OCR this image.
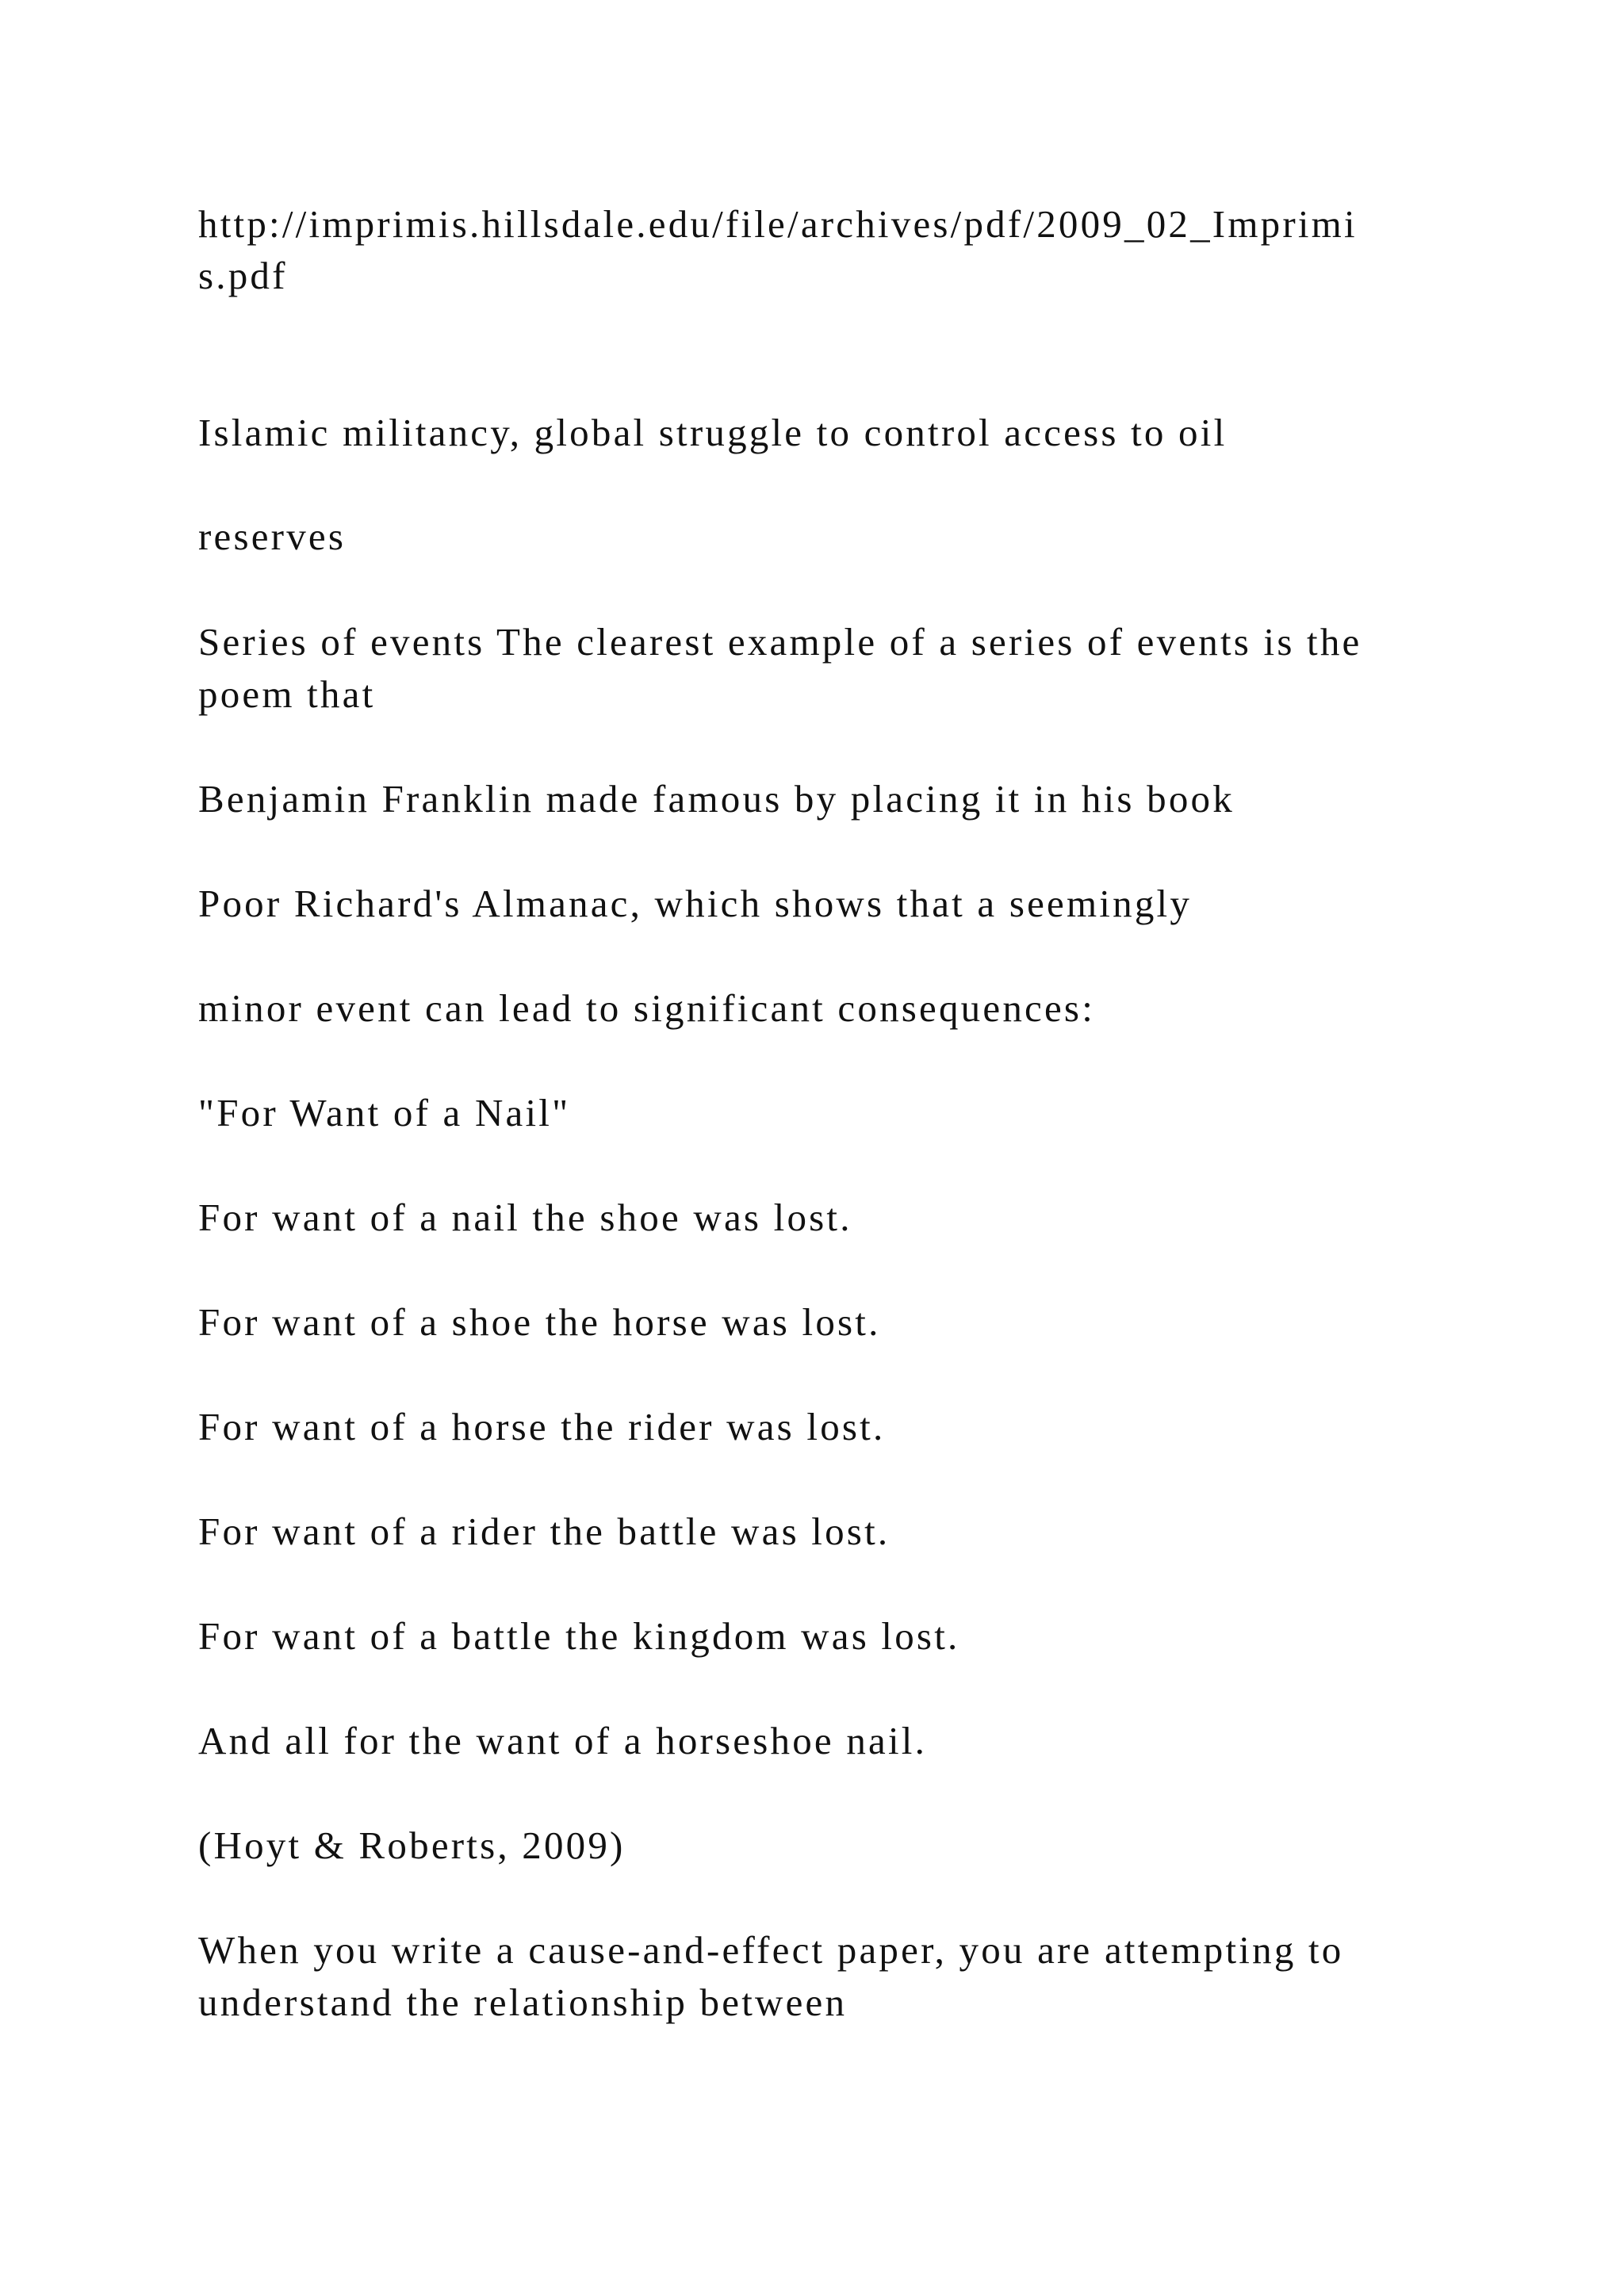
http://imprimis.hillsdale.edu/file/archives/pdf/2009_02_Imprimi
s.pdf
Islamic militancy, global struggle to control access to oil
reserves
Series of events The clearest example of a series of events is the
poem that
Benjamin Franklin made famous by placing it in his book
Poor Richard's Almanac, which shows that a seemingly
minor event can lead to significant consequences:
"For Want of a Nail"
For want of a nail the shoe was lost.
For want of a shoe the horse was lost.
For want of a horse the rider was lost.
For want of a rider the battle was lost.
For want of a battle the kingdom was lost.
And all for the want of a horseshoe nail.
(Hoyt & Roberts, 2009)
When you write a cause-and-effect paper, you are attempting to
understand the relationship between
